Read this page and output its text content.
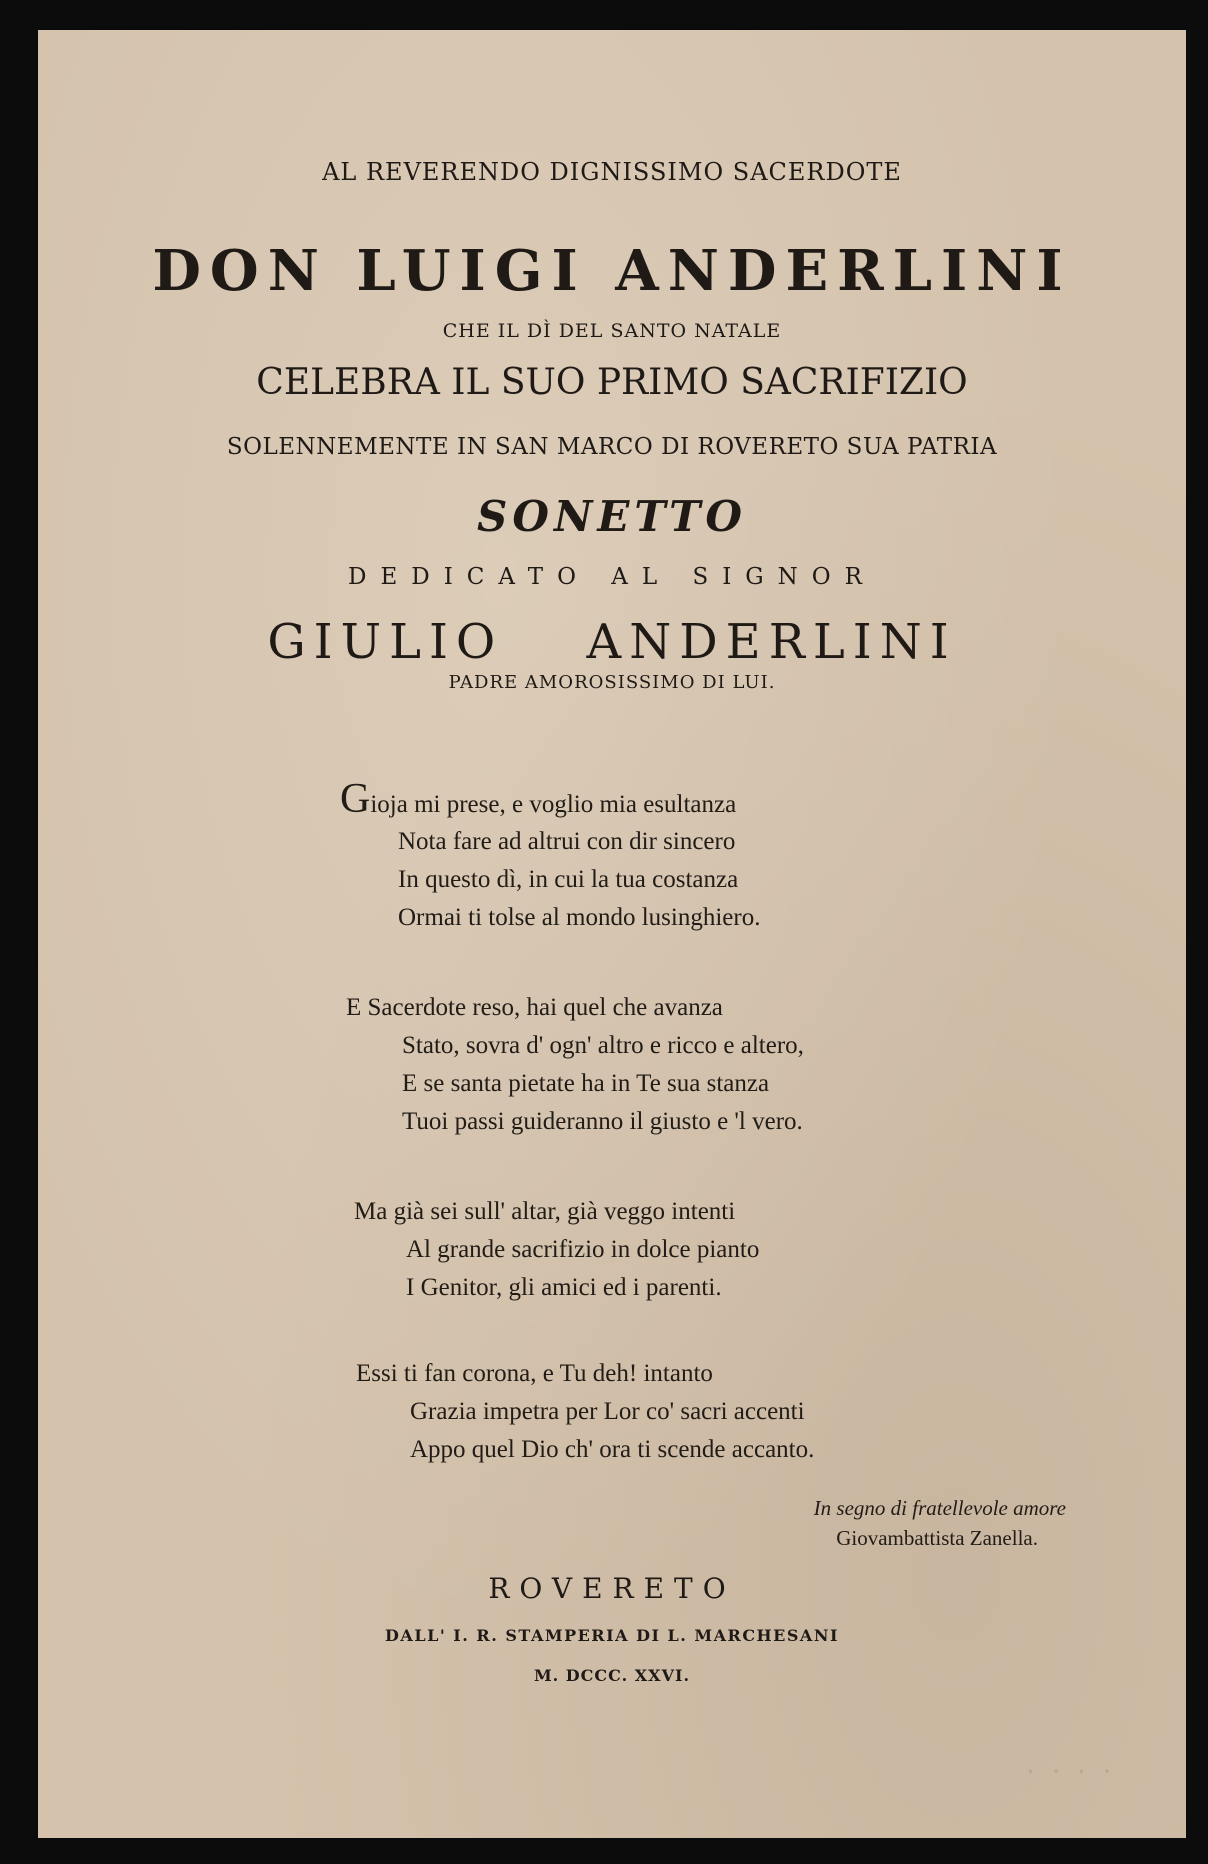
AL REVERENDO DIGNISSIMO SACERDOTE
DON LUIGI ANDERLINI
CHE IL DÌ DEL SANTO NATALE
CELEBRA IL SUO PRIMO SACRIFIZIO
SOLENNEMENTE IN SAN MARCO DI ROVERETO SUA PATRIA
SONETTO
DEDICATO AL SIGNOR
GIULIO ANDERLINI
PADRE AMOROSISSIMO DI LUI.
Gioja mi prese, e voglio mia esultanza
Nota fare ad altrui con dir sincero
In questo dì, in cui la tua costanza
Ormai ti tolse al mondo lusinghiero.
E Sacerdote reso, hai quel che avanza
Stato, sovra d' ogn' altro e ricco e altero,
E se santa pietate ha in Te sua stanza
Tuoi passi guideranno il giusto e 'l vero.
Ma già sei sull' altar, già veggo intenti
Al grande sacrifizio in dolce pianto
I Genitor, gli amici ed i parenti.
Essi ti fan corona, e Tu deh! intanto
Grazia impetra per Lor co' sacri accenti
Appo quel Dio ch' ora ti scende accanto.
In segno di fratellevole amore
Giovambattista Zanella.
ROVERETO
DALL' I. R. STAMPERIA DI L. MARCHESANI
M. DCCC. XXVI.
· · · ·
